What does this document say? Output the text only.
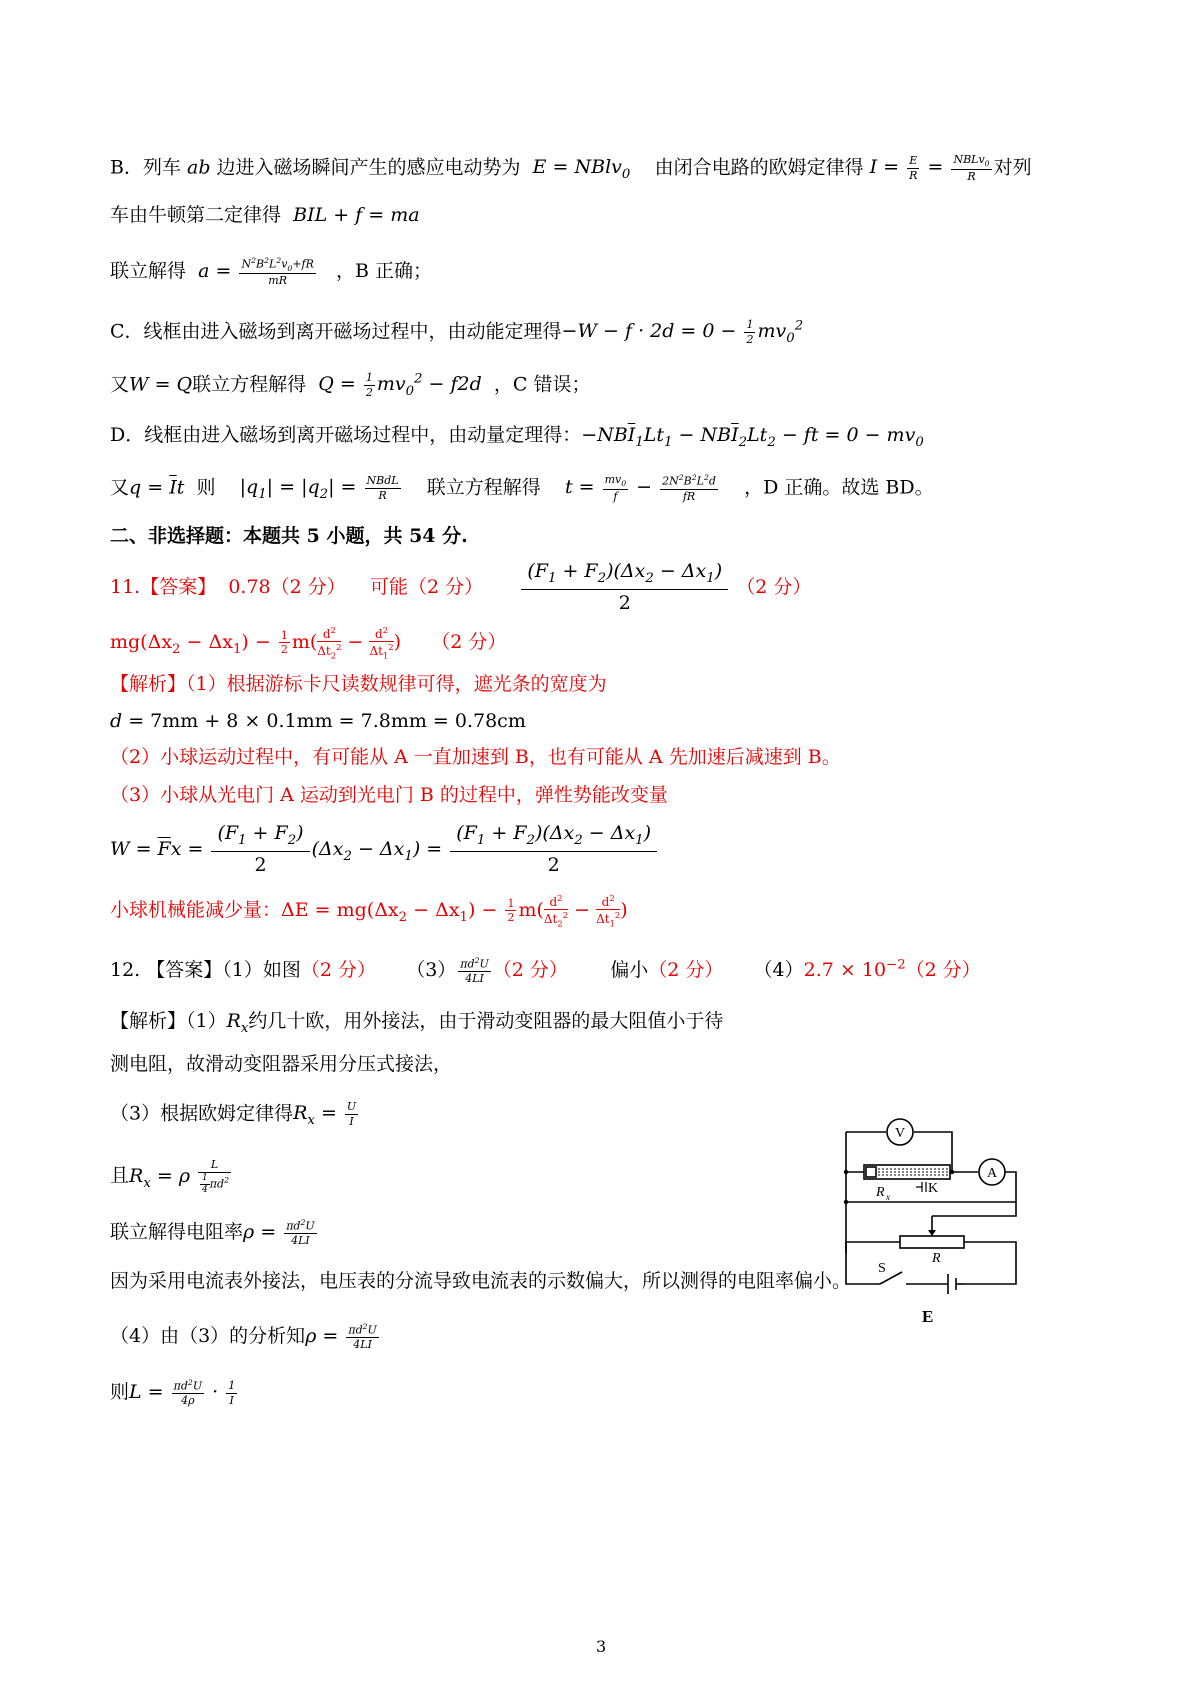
B．列车 ab 边进入磁场瞬间产生的感应电动势为  E = NBlv$_0$ 由闭合电路的欧姆定律得 $I = \frac{E}{R} = \frac{NBLv_0}{R}$ 对列
车由牛顿第二定律得  BIL + f = ma
联立解得  $a = \frac{N^2B^2L^2v_0+fR}{mR}$ ，B 正确；
C．线框由进入磁场到离开磁场过程中，由动能定理得$-W - f \cdot 2d = 0 - \frac{1}{2} mv_0^2$
又W = Q联立方程解得  $Q = \frac{1}{2} mv_0^2 - f2d$ ，C 错误；
D．线框由进入磁场到离开磁场过程中，由动量定理得：$-NB\overline{I}_1Lt_1 - NB\overline{I}_2Lt_2$ − ft = $0 - mv_0$
又$q = \overline{I}t$ 则 $|q_1| = |q_2| = \frac{\text{NBdL}}{R}$ 联立方程解得 $t = \frac{mv_0}{f} - \frac{2N^2B^2L^2d}{fR}$ ，D 正确。故选 BD。
二、非选择题：本题共 5 小题，共 54 分.
11.【答案】 0.78（2 分） 可能（2 分） $\frac{(F_1 + F_2)(\Delta x_2 - \Delta x_1)}{2} (2$ 分）
$mg(\Delta x_2 - \Delta x_1) - \frac{1}{2} m( \frac{d^2}{\Delta t_2^2} - \frac{d^2}{\Delta t_1^2}$ ) （2 分）
【解析】（1）根据游标卡尺读数规律可得，遮光条的宽度为
d = 7mm + 8 × 0.1mm = 7.8mm = 0.78cm
（2）小球运动过程中，有可能从 A 一直加速到 B，也有可能从 A 先加速后减速到 B。
（3）小球从光电门 A 运动到光电门 B 的过程中，弹性势能改变量
$W = \overline{F}x = \frac{(F_1 + F_2)}{2} (\Delta x_2 - \Delta x_1) = \frac{(F_1 + F_2)(\Delta x_2 - \Delta x_1)}{2}$
小球机械能减少量：$\Delta E = mg(\Delta x_2 - \Delta x_1) - \frac{1}{2} m( \frac{d^2}{\Delta t_2^2} - \frac{d^2}{\Delta t_1^2}$ )
12. 【答案】（1）如图（2 分） $(3) \frac{\pi d^2U}{4LI} (2$ 分） 偏小（2 分） $(4)2.7 \times 10^{-2}(2$ 分）
【解析】$(1)R_x$约几十欧，用外接法，由于滑动变阻器的最大阻值小于待
测电阻，故滑动变阻器采用分压式接法，
（3）根据欧姆定律得$R_x = \frac{U}{I}$
且$R_x = \rho \frac{L}{\frac{1}{4} \pi d^2}$
联立解得电阻率$\rho = \frac{\pi d^2U}{4LI}$
因为采用电流表外接法，电压表的分流导致电流表的示数偏大，所以测得的电阻率偏小。
（4）由（3）的分析知$\rho = \frac{\pi d^2U}{4LI}$
则$L = \frac{\pi d^2U}{4\rho} \cdot \frac{1}{I}$
V
A
R x
K
R
S
E
3
